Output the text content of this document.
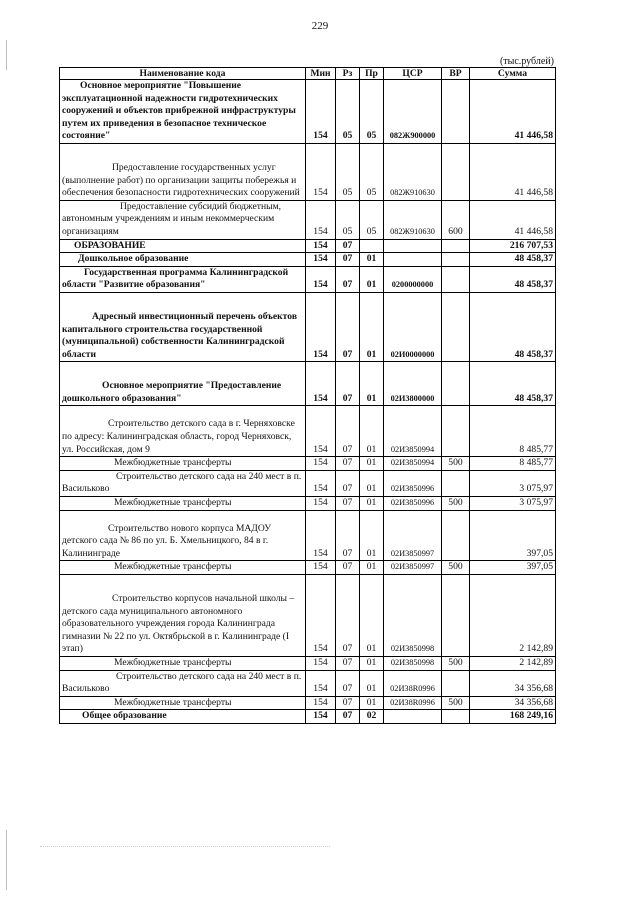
229
(тыс.рублей)
Наименование кода	Мин	Рз	Пр	ЦСР	ВР	Сумма

Основное мероприятие "Повышение эксплуатационной надежности гидротехнических сооружений и объектов прибрежной инфраструктуры путем их приведения в безопасное техническое состояние"	154	05	05	082Ж900000		41 446,58

Предоставление государственных услуг (выполнение работ) по организации защиты побережья и обеспечения безопасности гидротехнических сооружений	154	05	05	082Ж910630		41 446,58

Предоставление субсидий бюджетным, автономным учреждениям и иным некоммерческим организациям	154	05	05	082Ж910630	600	41 446,58
ОБРАЗОВАНИЕ	154	07				216 707,53
Дошкольное образование	154	07	01			48 458,37

Государственная программа Калининградской области "Развитие образования"	154	07	01	0200000000		48 458,37

Адресный инвестиционный перечень объектов капитального строительства государственной (муниципальной) собственности Калининградской области	154	07	01	02И0000000		48 458,37

Основное мероприятие "Предоставление дошкольного образования"	154	07	01	02И3800000		48 458,37

Строительство детского сада в г. Черняховске по адресу: Калининградская область, город Черняховск, ул. Российская, дом 9	154	07	01	02И3850994		8 485,77
Межбюджетные трансферты	154	07	01	02И3850994	500	8 485,77

Строительство детского сада на 240 мест в п. Васильково	154	07	01	02И3850996		3 075,97
Межбюджетные трансферты	154	07	01	02И3850996	500	3 075,97

Строительство нового корпуса МАДОУ детского сада № 86 по ул. Б. Хмельницкого, 84 в г. Калининграде	154	07	01	02И3850997		397,05
Межбюджетные трансферты	154	07	01	02И3850997	500	397,05

Строительство корпусов начальной школы – детского сада муниципального автономного образовательного учреждения города Калининграда гимназии № 22 по ул. Октябрьской в г. Калининграде (I этап)	154	07	01	02И3850998		2 142,89
Межбюджетные трансферты	154	07	01	02И3850998	500	2 142,89

Строительство детского сада на 240 мест в п. Васильково	154	07	01	02И38R0996		34 356,68
Межбюджетные трансферты	154	07	01	02И38R0996	500	34 356,68
Общее образование	154	07	02			168 249,16
